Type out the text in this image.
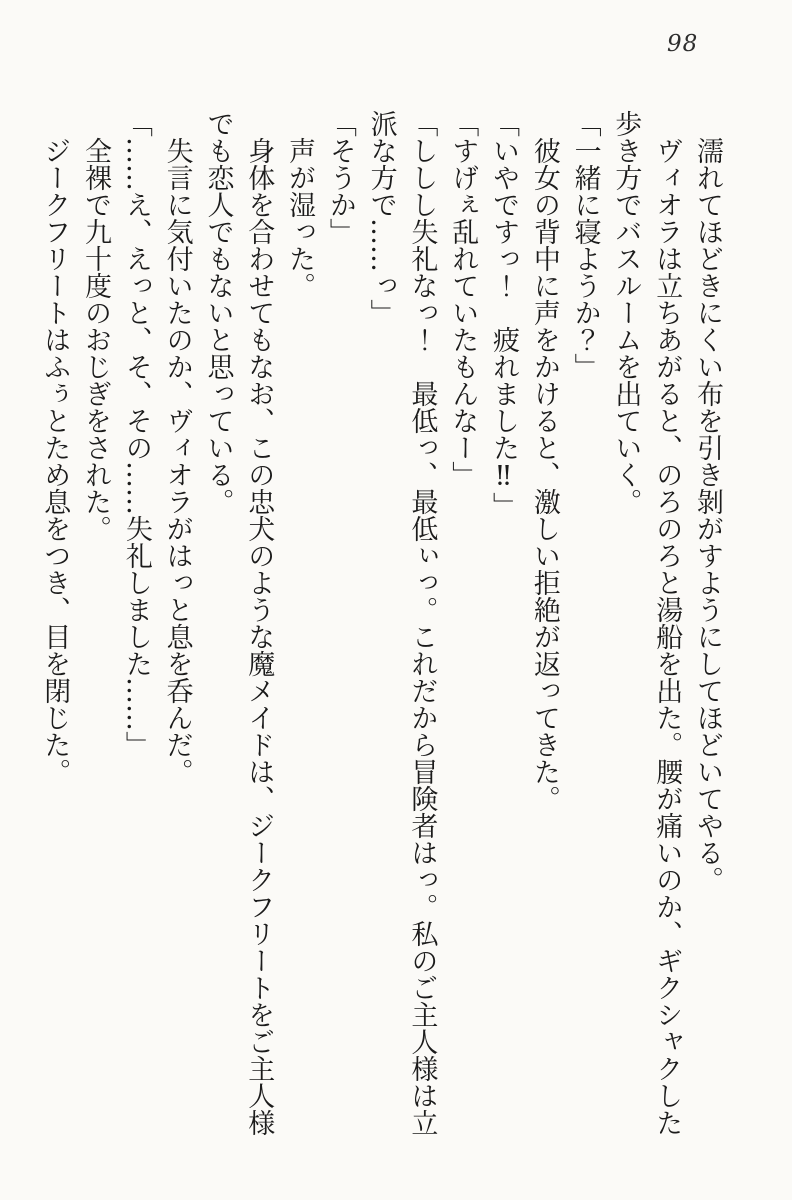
98

濡れてほどきにくい布を引き剝がすようにしてほどいてやる。

ヴィオラは立ちあがると、のろのろと湯船を出た。腰が痛いのか、ギクシャクした歩き方でバスルームを出ていく。

「一緒に寝ようか？」

彼女の背中に声をかけると、激しい拒絶が返ってきた。

「いやですっ！　疲れました‼」

「すげぇ乱れていたもんなー」

「ししし失礼なっ！　最低っ、最低ぃっ。これだから冒険者はっ。私のご主人様は立派な方で……っ」

「そうか」

声が湿った。

身体を合わせてもなお、この忠犬のような魔メイドは、ジークフリートをご主人様でも恋人でもないと思っている。

失言に気付いたのか、ヴィオラがはっと息を呑んだ。

「……え、えっと、そ、その……失礼しました……」

全裸で九十度のおじぎをされた。

ジークフリートはふぅとため息をつき、目を閉じた。
